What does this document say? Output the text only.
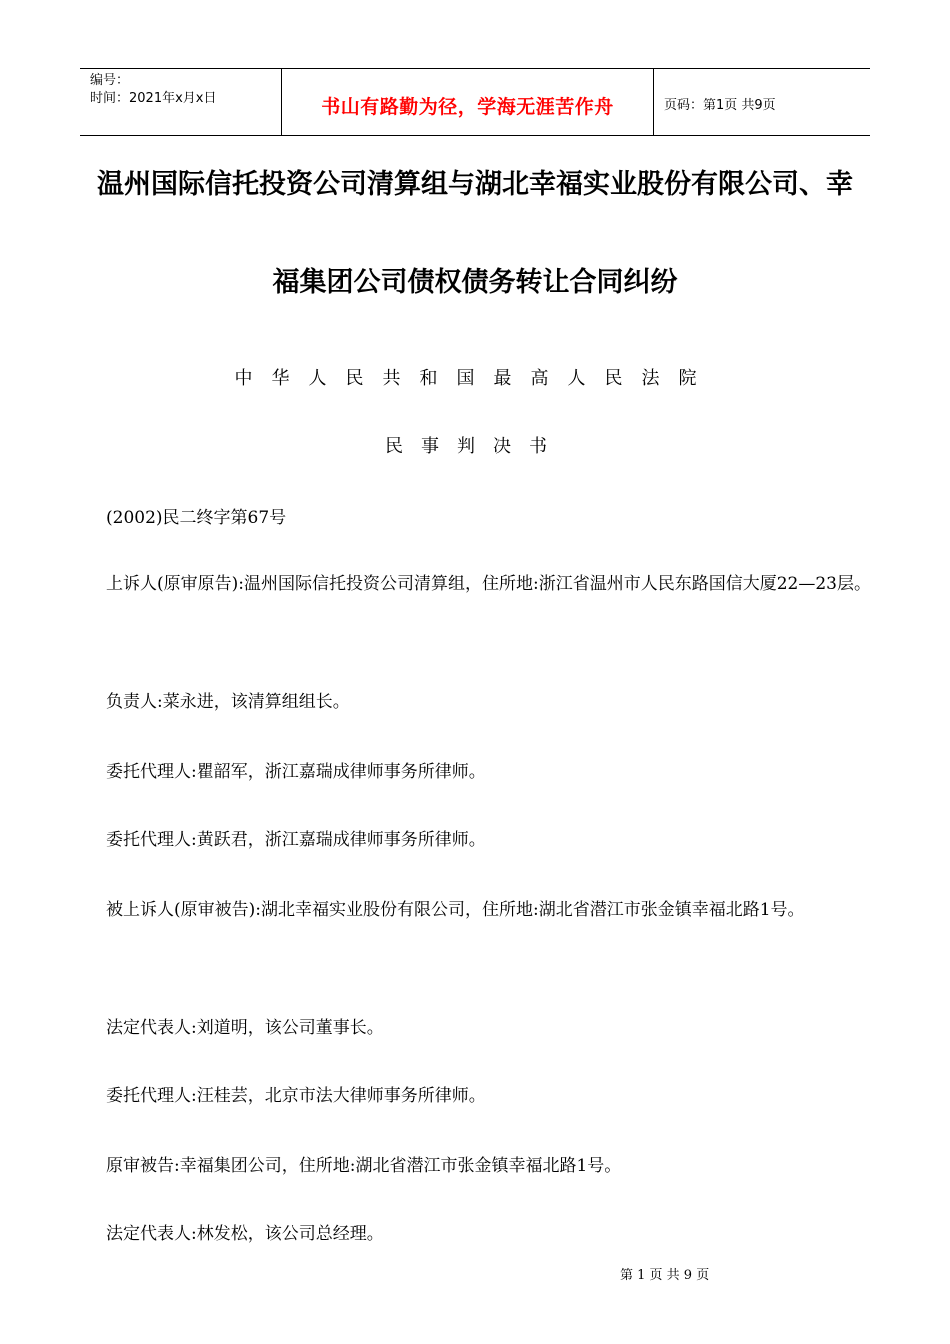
编号：
时间：2021年x月x日	书山有路勤为径，学海无涯苦作舟	页码：第1页 共9页
温州国际信托投资公司清算组与湖北幸福实业股份有限公司、幸
福集团公司债权债务转让合同纠纷
中华人民共和国最高人民法院
民事判决书
(2002)民二终字第67号
上诉人(原审原告):温州国际信托投资公司清算组，住所地:浙江省温州市人民东路国信大厦22—23层。
负责人:菜永进，该清算组组长。
委托代理人:瞿韶军，浙江嘉瑞成律师事务所律师。
委托代理人:黄跃君，浙江嘉瑞成律师事务所律师。
被上诉人(原审被告):湖北幸福实业股份有限公司，住所地:湖北省潜江市张金镇幸福北路1号。
法定代表人:刘道明，该公司董事长。
委托代理人:汪桂芸，北京市法大律师事务所律师。
原审被告:幸福集团公司，住所地:湖北省潜江市张金镇幸福北路1号。
法定代表人:林发松，该公司总经理。
第 1 页 共 9 页
